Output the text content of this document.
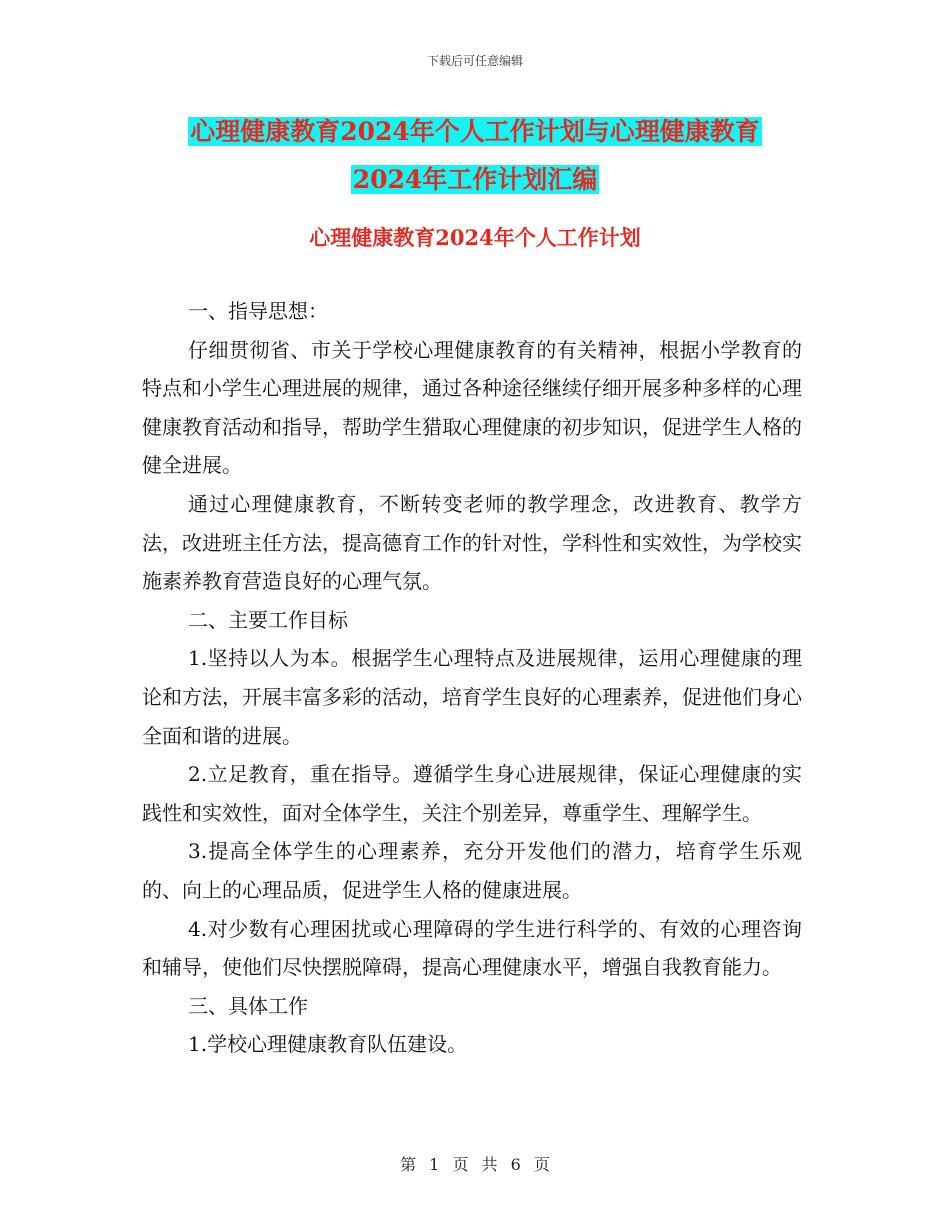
下载后可任意编辑
心理健康教育2024年个人工作计划与心理健康教育
2024年工作计划汇编
心理健康教育2024年个人工作计划

一、指导思想：

仔细贯彻省、市关于学校心理健康教育的有关精神，根据小学教育的特点和小学生心理进展的规律，通过各种途径继续仔细开展多种多样的心理健康教育活动和指导，帮助学生猎取心理健康的初步知识，促进学生人格的健全进展。

通过心理健康教育，不断转变老师的教学理念，改进教育、教学方法，改进班主任方法，提高德育工作的针对性，学科性和实效性，为学校实施素养教育营造良好的心理气氛。

二、主要工作目标

1.坚持以人为本。根据学生心理特点及进展规律，运用心理健康的理论和方法，开展丰富多彩的活动，培育学生良好的心理素养，促进他们身心全面和谐的进展。

2.立足教育，重在指导。遵循学生身心进展规律，保证心理健康的实践性和实效性，面对全体学生，关注个别差异，尊重学生、理解学生。

3.提高全体学生的心理素养，充分开发他们的潜力，培育学生乐观的、向上的心理品质，促进学生人格的健康进展。

4.对少数有心理困扰或心理障碍的学生进行科学的、有效的心理咨询和辅导，使他们尽快摆脱障碍，提高心理健康水平，增强自我教育能力。

三、具体工作

1.学校心理健康教育队伍建设。

第 1 页 共 6 页
